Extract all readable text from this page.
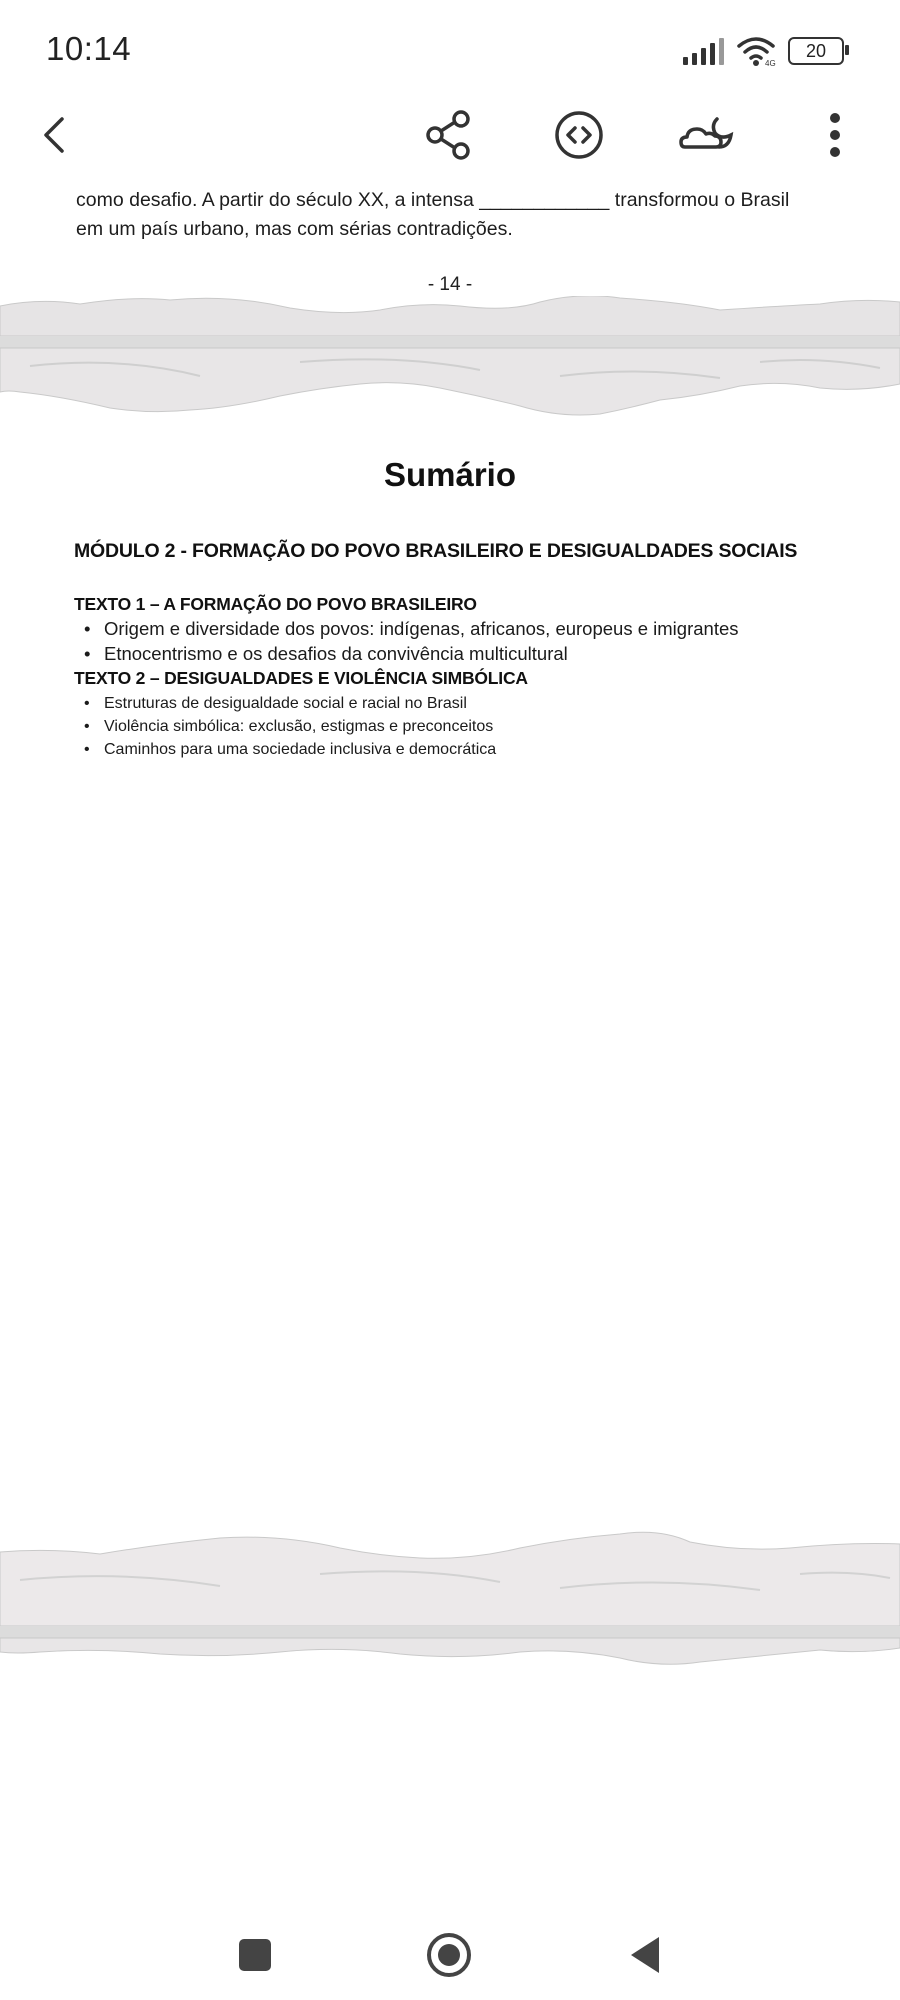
10:14	4G
20
como desafio. A partir do século XX, a intensa ____________ transformou o Brasil
em um país urbano, mas com sérias contradições.
- 14 -
Sumário
MÓDULO 2 - FORMAÇÃO DO POVO BRASILEIRO E DESIGUALDADES SOCIAIS
TEXTO 1 – A FORMAÇÃO DO POVO BRASILEIRO
• Origem e diversidade dos povos: indígenas, africanos, europeus e imigrantes
• Etnocentrismo e os desafios da convivência multicultural
TEXTO 2 – DESIGUALDADES E VIOLÊNCIA SIMBÓLICA
• Estruturas de desigualdade social e racial no Brasil
• Violência simbólica: exclusão, estigmas e preconceitos
• Caminhos para uma sociedade inclusiva e democrática
